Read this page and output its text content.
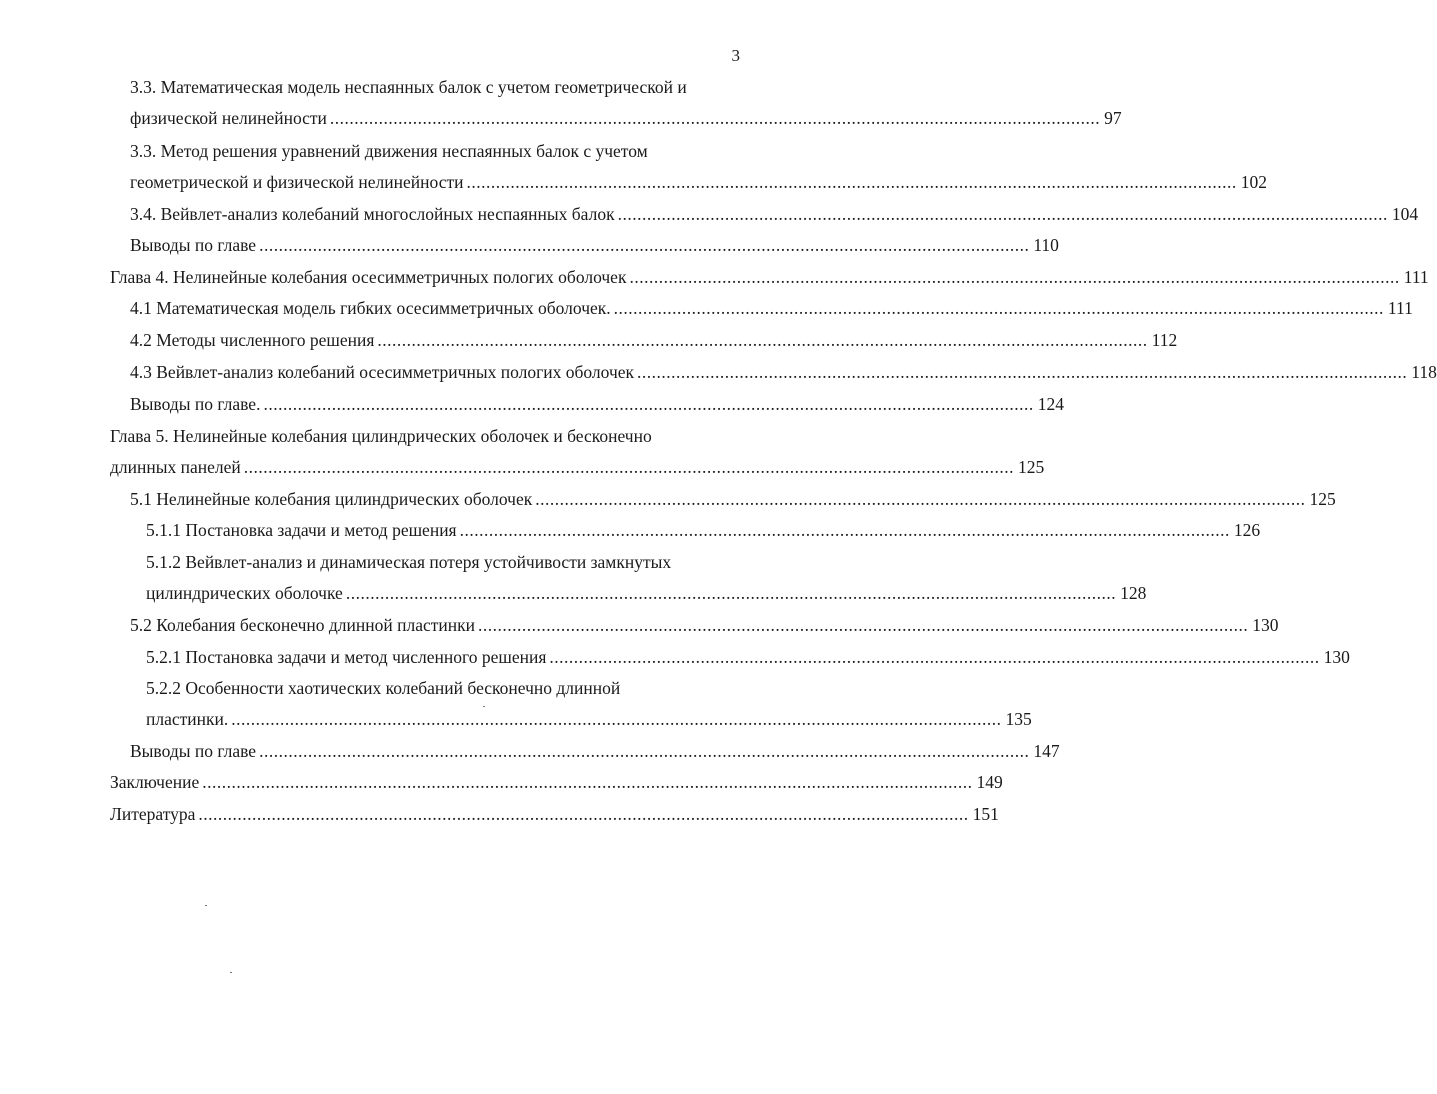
3
3.3. Математическая модель неспаянных балок с учетом геометрической и
физической нелинейности .............................................................................................................................................................. 97
3.3. Метод решения уравнений движения неспаянных балок с учетом
геометрической и физической нелинейности .............................................................................................................................................................. 102
3.4. Вейвлет-анализ колебаний многослойных неспаянных балок .............................................................................................................................................................. 104
Выводы по главе .............................................................................................................................................................. 110
Глава 4. Нелинейные колебания осесимметричных пологих оболочек .............................................................................................................................................................. 111
4.1 Математическая модель гибких осесимметричных оболочек. .............................................................................................................................................................. 111
4.2 Методы численного решения .............................................................................................................................................................. 112
4.3 Вейвлет-анализ колебаний осесимметричных пологих оболочек .............................................................................................................................................................. 118
Выводы по главе. .............................................................................................................................................................. 124
Глава 5. Нелинейные колебания цилиндрических оболочек и бесконечно
длинных панелей .............................................................................................................................................................. 125
5.1 Нелинейные колебания цилиндрических оболочек .............................................................................................................................................................. 125
5.1.1 Постановка задачи и метод решения .............................................................................................................................................................. 126
5.1.2 Вейвлет-анализ и динамическая потеря устойчивости замкнутых
цилиндрических оболочке .............................................................................................................................................................. 128
5.2 Колебания бесконечно длинной пластинки .............................................................................................................................................................. 130
5.2.1 Постановка задачи и метод численного решения .............................................................................................................................................................. 130
5.2.2 Особенности хаотических колебаний бесконечно длинной
пластинки. .............................................................................................................................................................. 135
Выводы по главе .............................................................................................................................................................. 147
Заключение .............................................................................................................................................................. 149
Литература .............................................................................................................................................................. 151
